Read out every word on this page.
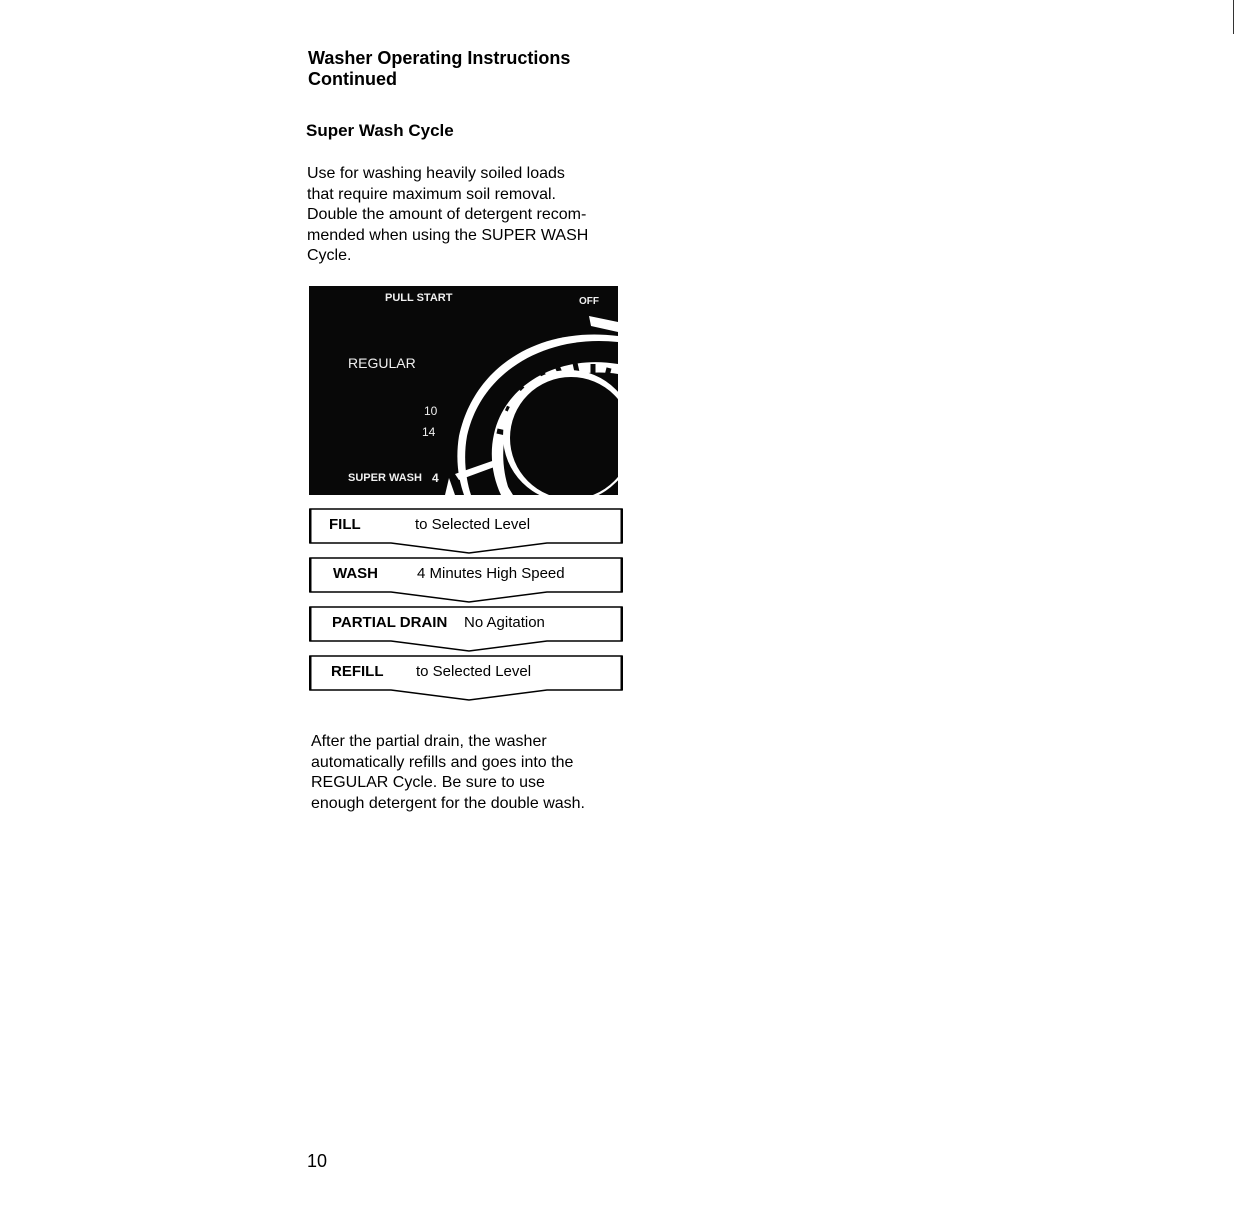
Washer Operating Instructions
Continued
Super Wash Cycle
Use for washing heavily soiled loads
that require maximum soil removal.
Double the amount of detergent recom-
mended when using the SUPER WASH
Cycle.
PULL START	OFF
REGULAR
10
14
SUPER WASH 4
FILL	to Selected Level
WASH	4 Minutes High Speed
PARTIAL DRAIN No Agitation
REFILL to Selected Level
After the partial drain, the washer
automatically refills and goes into the
REGULAR Cycle. Be sure to use
enough detergent for the double wash.
10
